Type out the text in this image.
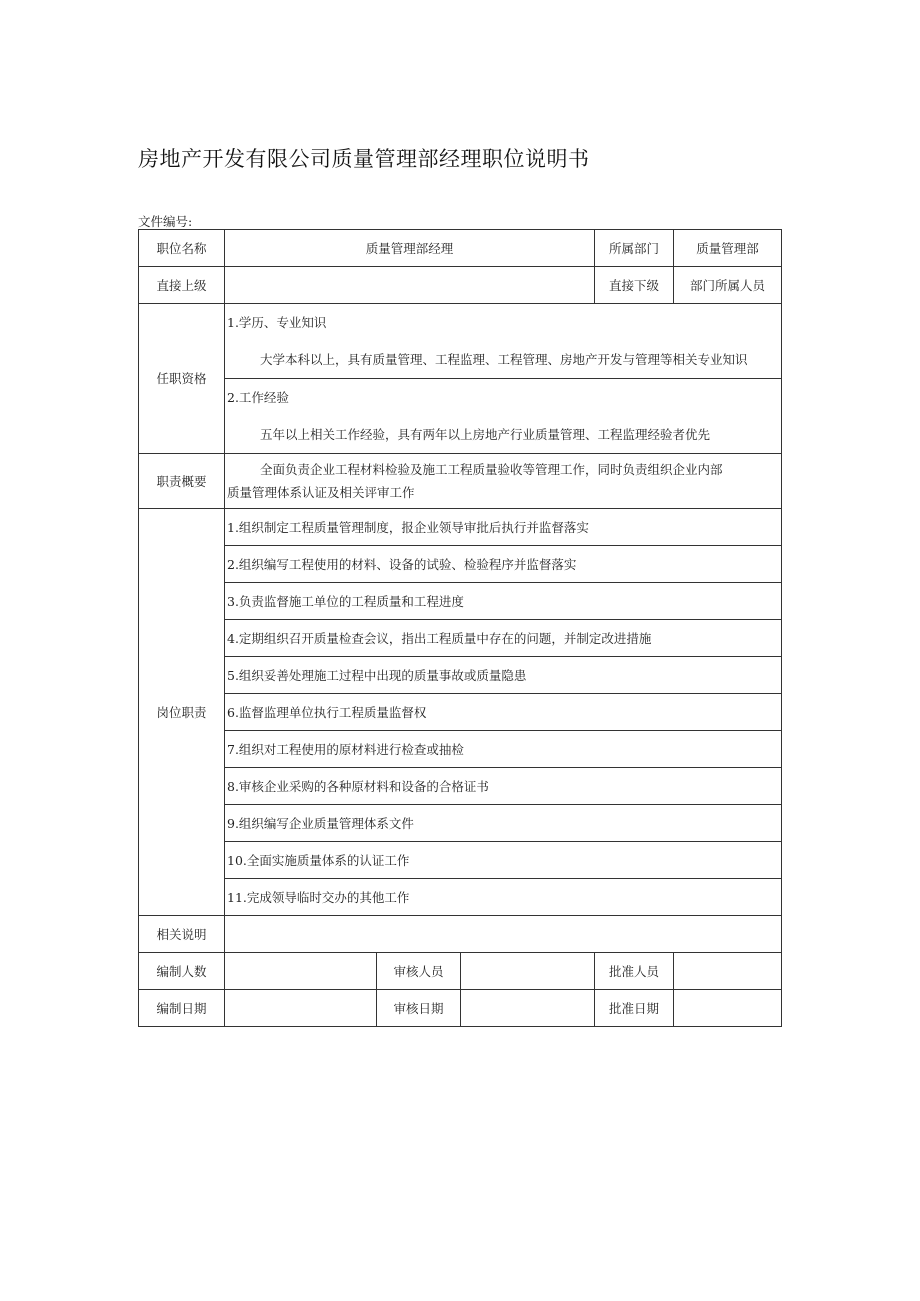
房地产开发有限公司质量管理部经理职位说明书
文件编号:
职位名称	质量管理部经理			所属部门	质量管理部
直接上级				直接下级	部门所属人员
任职资格	1.学历、专业知识
大学本科以上，具有质量管理、工程监理、工程管理、房地产开发与管理等相关专业知识				

	2.工作经验
五年以上相关工作经验，具有两年以上房地产行业质量管理、工程监理经验者优先				

职责概要	全面负责企业工程材料检验及施工工程质量验收等管理工作，同时负责组织企业内部
质量管理体系认证及相关评审工作				

岗位职责	1.组织制定工程质量管理制度，报企业领导审批后执行并监督落实				
	2.组织编写工程使用的材料、设备的试验、检验程序并监督落实				
	3.负责监督施工单位的工程质量和工程进度				
	4.定期组织召开质量检查会议，指出工程质量中存在的问题，并制定改进措施				
	5.组织妥善处理施工过程中出现的质量事故或质量隐患				
	6.监督监理单位执行工程质量监督权				
	7.组织对工程使用的原材料进行检查或抽检				
	8.审核企业采购的各种原材料和设备的合格证书				
	9.组织编写企业质量管理体系文件				
	10.全面实施质量体系的认证工作				
	11.完成领导临时交办的其他工作				
相关说明					
编制人数		审核人员		批准人员	
编制日期		审核日期		批准日期	
